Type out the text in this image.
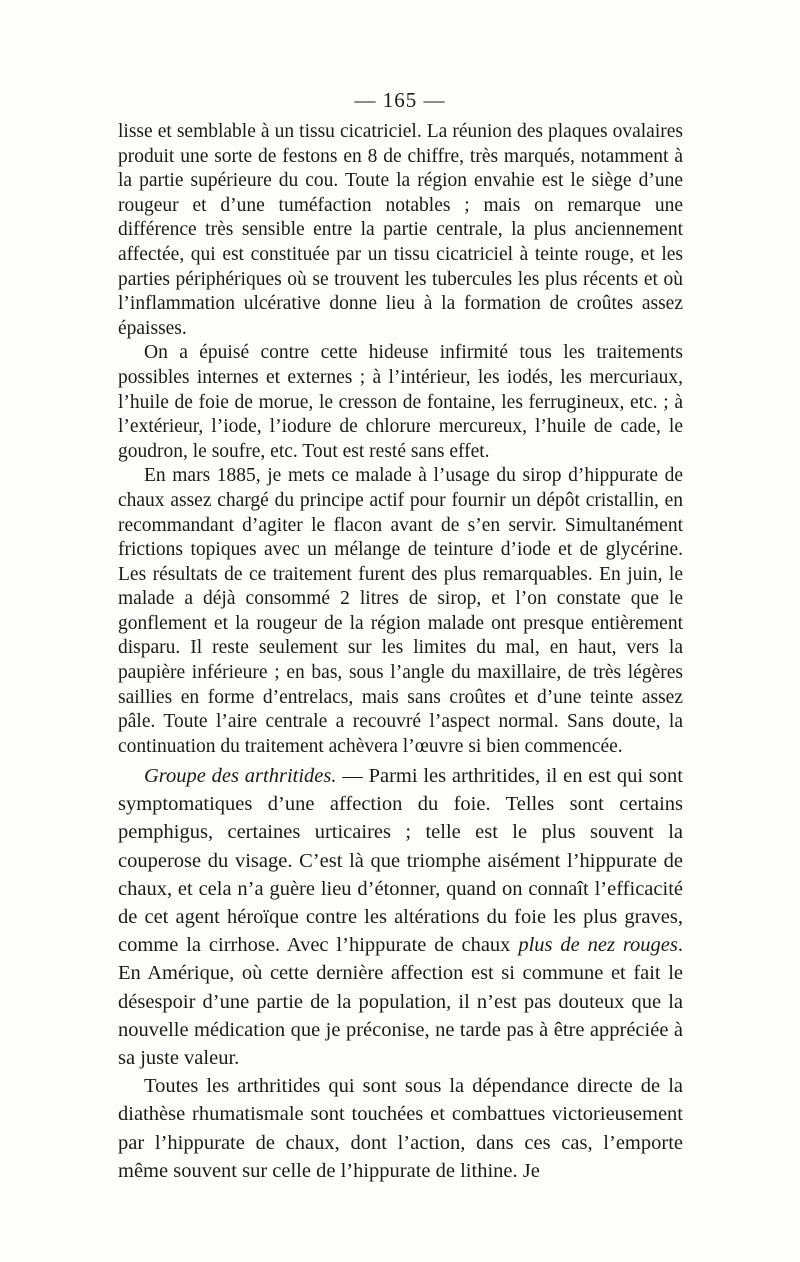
— 165 —

lisse et semblable à un tissu cicatriciel. La réunion des plaques ovalaires produit une sorte de festons en 8 de chiffre, très marqués, notamment à la partie supérieure du cou. Toute la région envahie est le siège d’une rougeur et d’une tuméfaction notables ; mais on remarque une différence très sensible entre la partie centrale, la plus anciennement affectée, qui est constituée par un tissu cicatriciel à teinte rouge, et les parties périphériques où se trouvent les tubercules les plus récents et où l’inflammation ulcérative donne lieu à la formation de croûtes assez épaisses.

On a épuisé contre cette hideuse infirmité tous les traitements possibles internes et externes ; à l’intérieur, les iodés, les mercuriaux, l’huile de foie de morue, le cresson de fontaine, les ferrugineux, etc. ; à l’extérieur, l’iode, l’iodure de chlorure mercureux, l’huile de cade, le goudron, le soufre, etc. Tout est resté sans effet.

En mars 1885, je mets ce malade à l’usage du sirop d’hippurate de chaux assez chargé du principe actif pour fournir un dépôt cristallin, en recommandant d’agiter le flacon avant de s’en servir. Simultanément frictions topiques avec un mélange de teinture d’iode et de glycérine. Les résultats de ce traitement furent des plus remarquables. En juin, le malade a déjà consommé 2 litres de sirop, et l’on constate que le gonflement et la rougeur de la région malade ont presque entièrement disparu. Il reste seulement sur les limites du mal, en haut, vers la paupière inférieure ; en bas, sous l’angle du maxillaire, de très légères saillies en forme d’entrelacs, mais sans croûtes et d’une teinte assez pâle. Toute l’aire centrale a recouvré l’aspect normal. Sans doute, la continuation du traitement achèvera l’œuvre si bien commencée.

Groupe des arthritides. — Parmi les arthritides, il en est qui sont symptomatiques d’une affection du foie. Telles sont certains pemphigus, certaines urticaires ; telle est le plus souvent la couperose du visage. C’est là que triomphe aisément l’hippurate de chaux, et cela n’a guère lieu d’étonner, quand on connaît l’efficacité de cet agent héroïque contre les altérations du foie les plus graves, comme la cirrhose. Avec l’hippurate de chaux plus de nez rouges. En Amérique, où cette dernière affection est si commune et fait le désespoir d’une partie de la population, il n’est pas douteux que la nouvelle médication que je préconise, ne tarde pas à être appréciée à sa juste valeur.

Toutes les arthritides qui sont sous la dépendance directe de la diathèse rhumatismale sont touchées et combattues victorieusement par l’hippurate de chaux, dont l’action, dans ces cas, l’emporte même souvent sur celle de l’hippurate de lithine. Je
